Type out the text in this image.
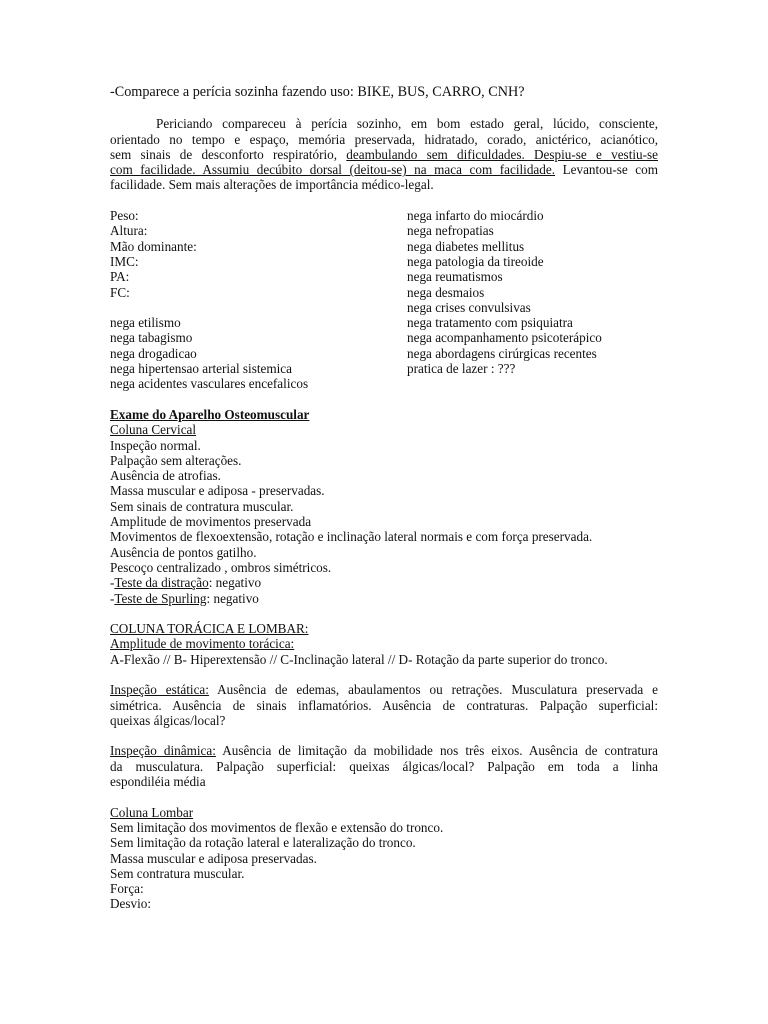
-Comparece a perícia sozinha fazendo uso: BIKE, BUS, CARRO, CNH?
Periciando compareceu à perícia sozinho, em bom estado geral, lúcido, consciente,
orientado no tempo e espaço, memória preservada, hidratado, corado, anictérico, acianótico,
sem sinais de desconforto respiratório, deambulando sem dificuldades. Despiu-se e vestiu-se
com facilidade. Assumiu decúbito dorsal (deitou-se) na maca com facilidade. Levantou-se com
facilidade. Sem mais alterações de importância médico-legal.
Peso:
Altura:
Mão dominante:
IMC:
PA:
FC:
nega etilismo
nega tabagismo
nega drogadicao
nega hipertensao arterial sistemica
nega acidentes vasculares encefalicos
nega infarto do miocárdio
nega nefropatias
nega diabetes mellitus
nega patologia da tireoide
nega reumatismos
nega desmaios
nega crises convulsivas
nega tratamento com psiquiatra
nega acompanhamento psicoterápico
nega abordagens cirúrgicas recentes
pratica de lazer : ???
Exame do Aparelho Osteomuscular
Coluna Cervical
Inspeção normal.
Palpação sem alterações.
Ausência de atrofias.
Massa muscular e adiposa - preservadas.
Sem sinais de contratura muscular.
Amplitude de movimentos preservada
Movimentos de flexoextensão, rotação e inclinação lateral normais e com força preservada.
Ausência de pontos gatilho.
Pescoço centralizado , ombros simétricos.
-Teste da distração: negativo
-Teste de Spurling: negativo
COLUNA TORÁCICA E LOMBAR:
Amplitude de movimento torácica:
A-Flexão // B- Hiperextensão // C-Inclinação lateral // D- Rotação da parte superior do tronco.
Inspeção estática: Ausência de edemas, abaulamentos ou retrações. Musculatura preservada e
simétrica. Ausência de sinais inflamatórios. Ausência de contraturas. Palpação superficial:
queixas álgicas/local?
Inspeção dinâmica: Ausência de limitação da mobilidade nos três eixos. Ausência de contratura
da musculatura. Palpação superficial: queixas álgicas/local? Palpação em toda a linha
espondiléia média
Coluna Lombar
Sem limitação dos movimentos de flexão e extensão do tronco.
Sem limitação da rotação lateral e lateralização do tronco.
Massa muscular e adiposa preservadas.
Sem contratura muscular.
Força:
Desvio:
